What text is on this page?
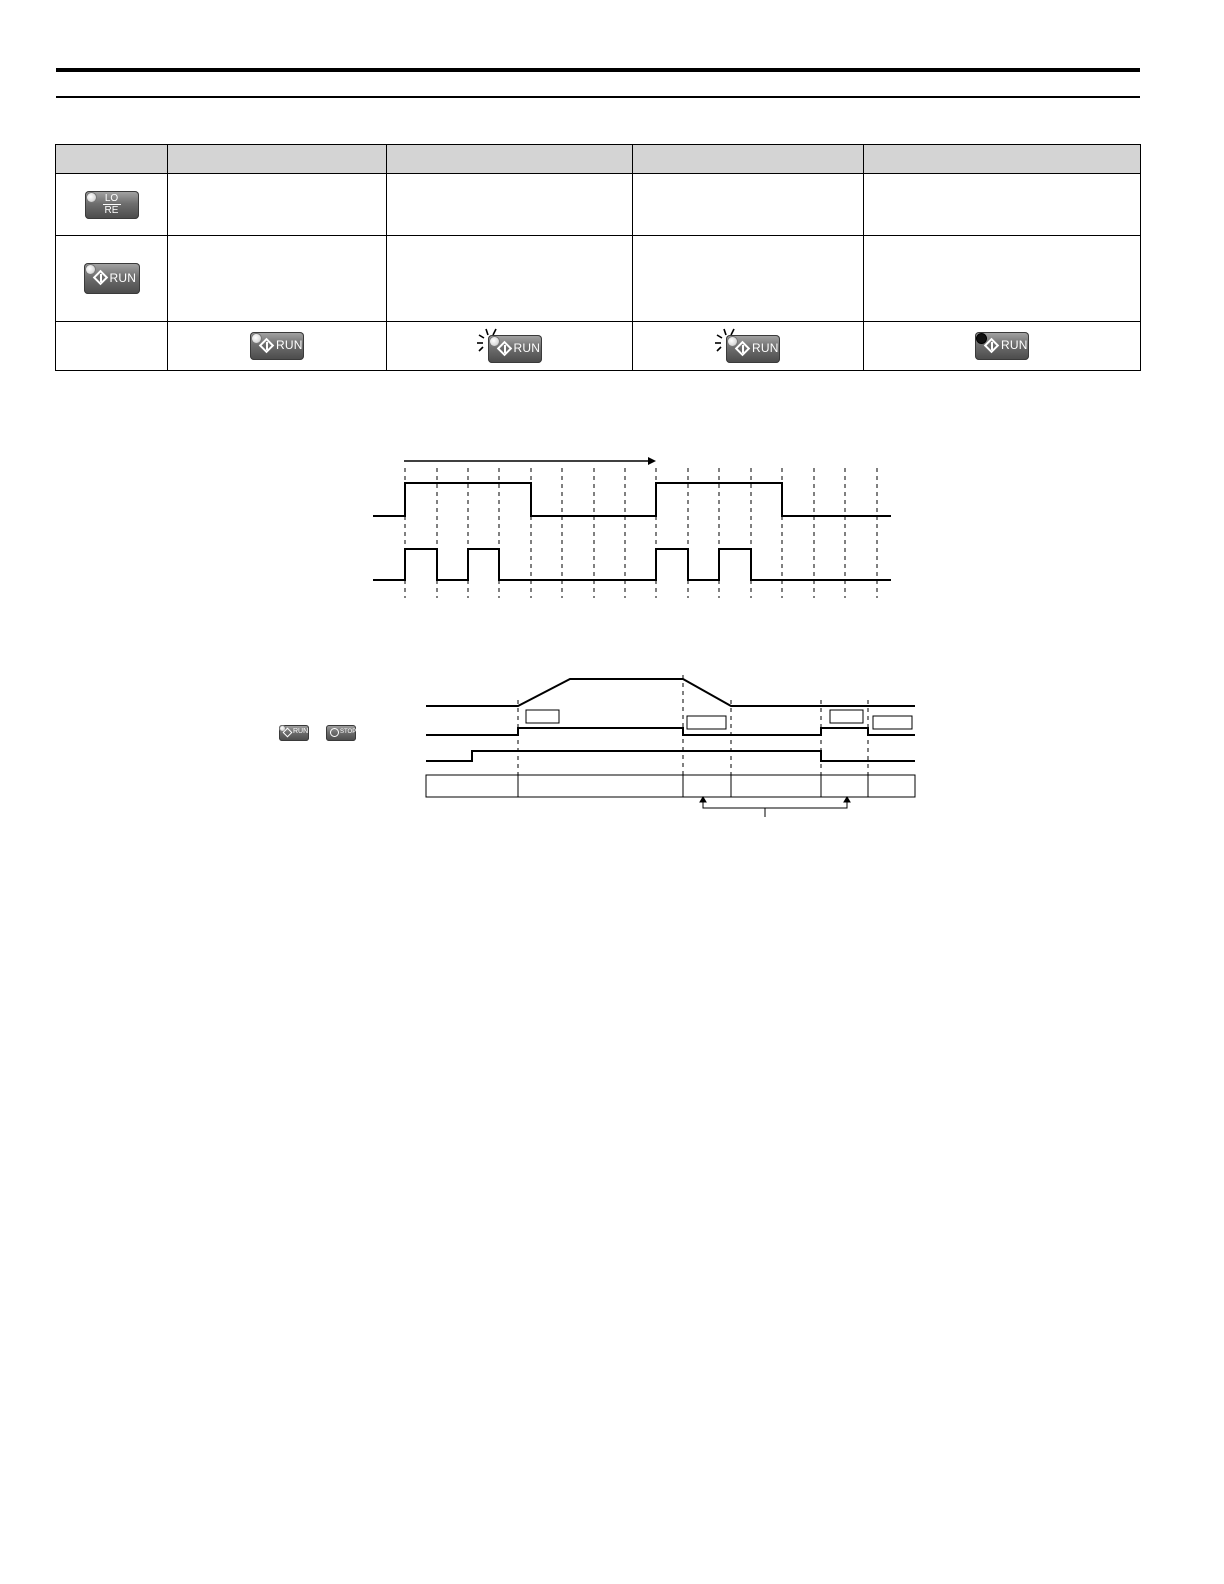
$\frac{LO}{RE}$

RUN				

	RUN	RUN	RUN	RUN
RUN	STOP
